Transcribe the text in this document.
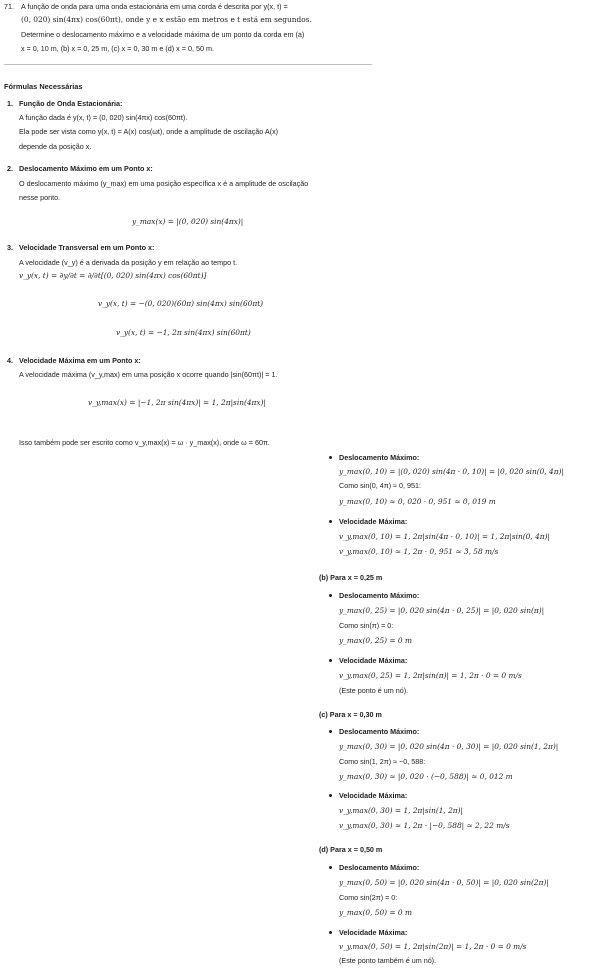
71. A função de onda para uma onda estacionária em uma corda é descrita por y(x, t) =
(0, 020) sin(4πx) cos(60πt), onde y e x estão em metros e t está em segundos.
Determine o deslocamento máximo e a velocidade máxima de um ponto da corda em (a)
x = 0, 10 m, (b) x = 0, 25 m, (c) x = 0, 30 m e (d) x = 0, 50 m.
Fórmulas Necessárias
1. Função de Onda Estacionária:
A função dada é y(x, t) = (0, 020) sin(4πx) cos(60πt).
Ela pode ser vista como y(x, t) = A(x) cos(ωt), onde a amplitude de oscilação A(x)
depende da posição x.
2. Deslocamento Máximo em um Ponto x:
O deslocamento máximo (y_max) em uma posição específica x é a amplitude de oscilação
nesse ponto.
y_max(x) = |(0, 020) sin(4πx)|
3. Velocidade Transversal em um Ponto x:
A velocidade (v_y) é a derivada da posição y em relação ao tempo t.
v_y(x, t) = ∂y/∂t = ∂/∂t[(0, 020) sin(4πx) cos(60πt)]
v_y(x, t) = −(0, 020)(60π) sin(4πx) sin(60πt)
v_y(x, t) = −1, 2π sin(4πx) sin(60πt)
4. Velocidade Máxima em um Ponto x:
A velocidade máxima (v_y,max) em uma posição x ocorre quando |sin(60πt)| = 1.
v_y,max(x) = |−1, 2π sin(4πx)| = 1, 2π|sin(4πx)|
Isso também pode ser escrito como v_y,max(x) = ω · y_max(x), onde ω = 60π.
Deslocamento Máximo:
y_max(0, 10) = |(0, 020) sin(4π · 0, 10)| = |0, 020 sin(0, 4π)|
Como sin(0, 4π) ≈ 0, 951:
y_max(0, 10) ≈ 0, 020 · 0, 951 ≈ 0, 019 m
Velocidade Máxima:
v_y,max(0, 10) = 1, 2π|sin(4π · 0, 10)| = 1, 2π|sin(0, 4π)|
v_y,max(0, 10) ≈ 1, 2π · 0, 951 ≈ 3, 58 m/s
(b) Para x = 0,25 m
Deslocamento Máximo:
y_max(0, 25) = |0, 020 sin(4π · 0, 25)| = |0, 020 sin(π)|
Como sin(π) = 0:
y_max(0, 25) = 0 m
Velocidade Máxima:
v_y,max(0, 25) = 1, 2π|sin(π)| = 1, 2π · 0 = 0 m/s
(Este ponto é um nó).
(c) Para x = 0,30 m
Deslocamento Máximo:
y_max(0, 30) = |0, 020 sin(4π · 0, 30)| = |0, 020 sin(1, 2π)|
Como sin(1, 2π) ≈ −0, 588:
y_max(0, 30) ≈ |0, 020 · (−0, 588)| ≈ 0, 012 m
Velocidade Máxima:
v_y,max(0, 30) = 1, 2π|sin(1, 2π)|
v_y,max(0, 30) ≈ 1, 2π · |−0, 588| ≈ 2, 22 m/s
(d) Para x = 0,50 m
Deslocamento Máximo:
y_max(0, 50) = |0, 020 sin(4π · 0, 50)| = |0, 020 sin(2π)|
Como sin(2π) = 0:
y_max(0, 50) = 0 m
Velocidade Máxima:
v_y,max(0, 50) = 1, 2π|sin(2π)| = 1, 2π · 0 = 0 m/s
(Este ponto também é um nó).
